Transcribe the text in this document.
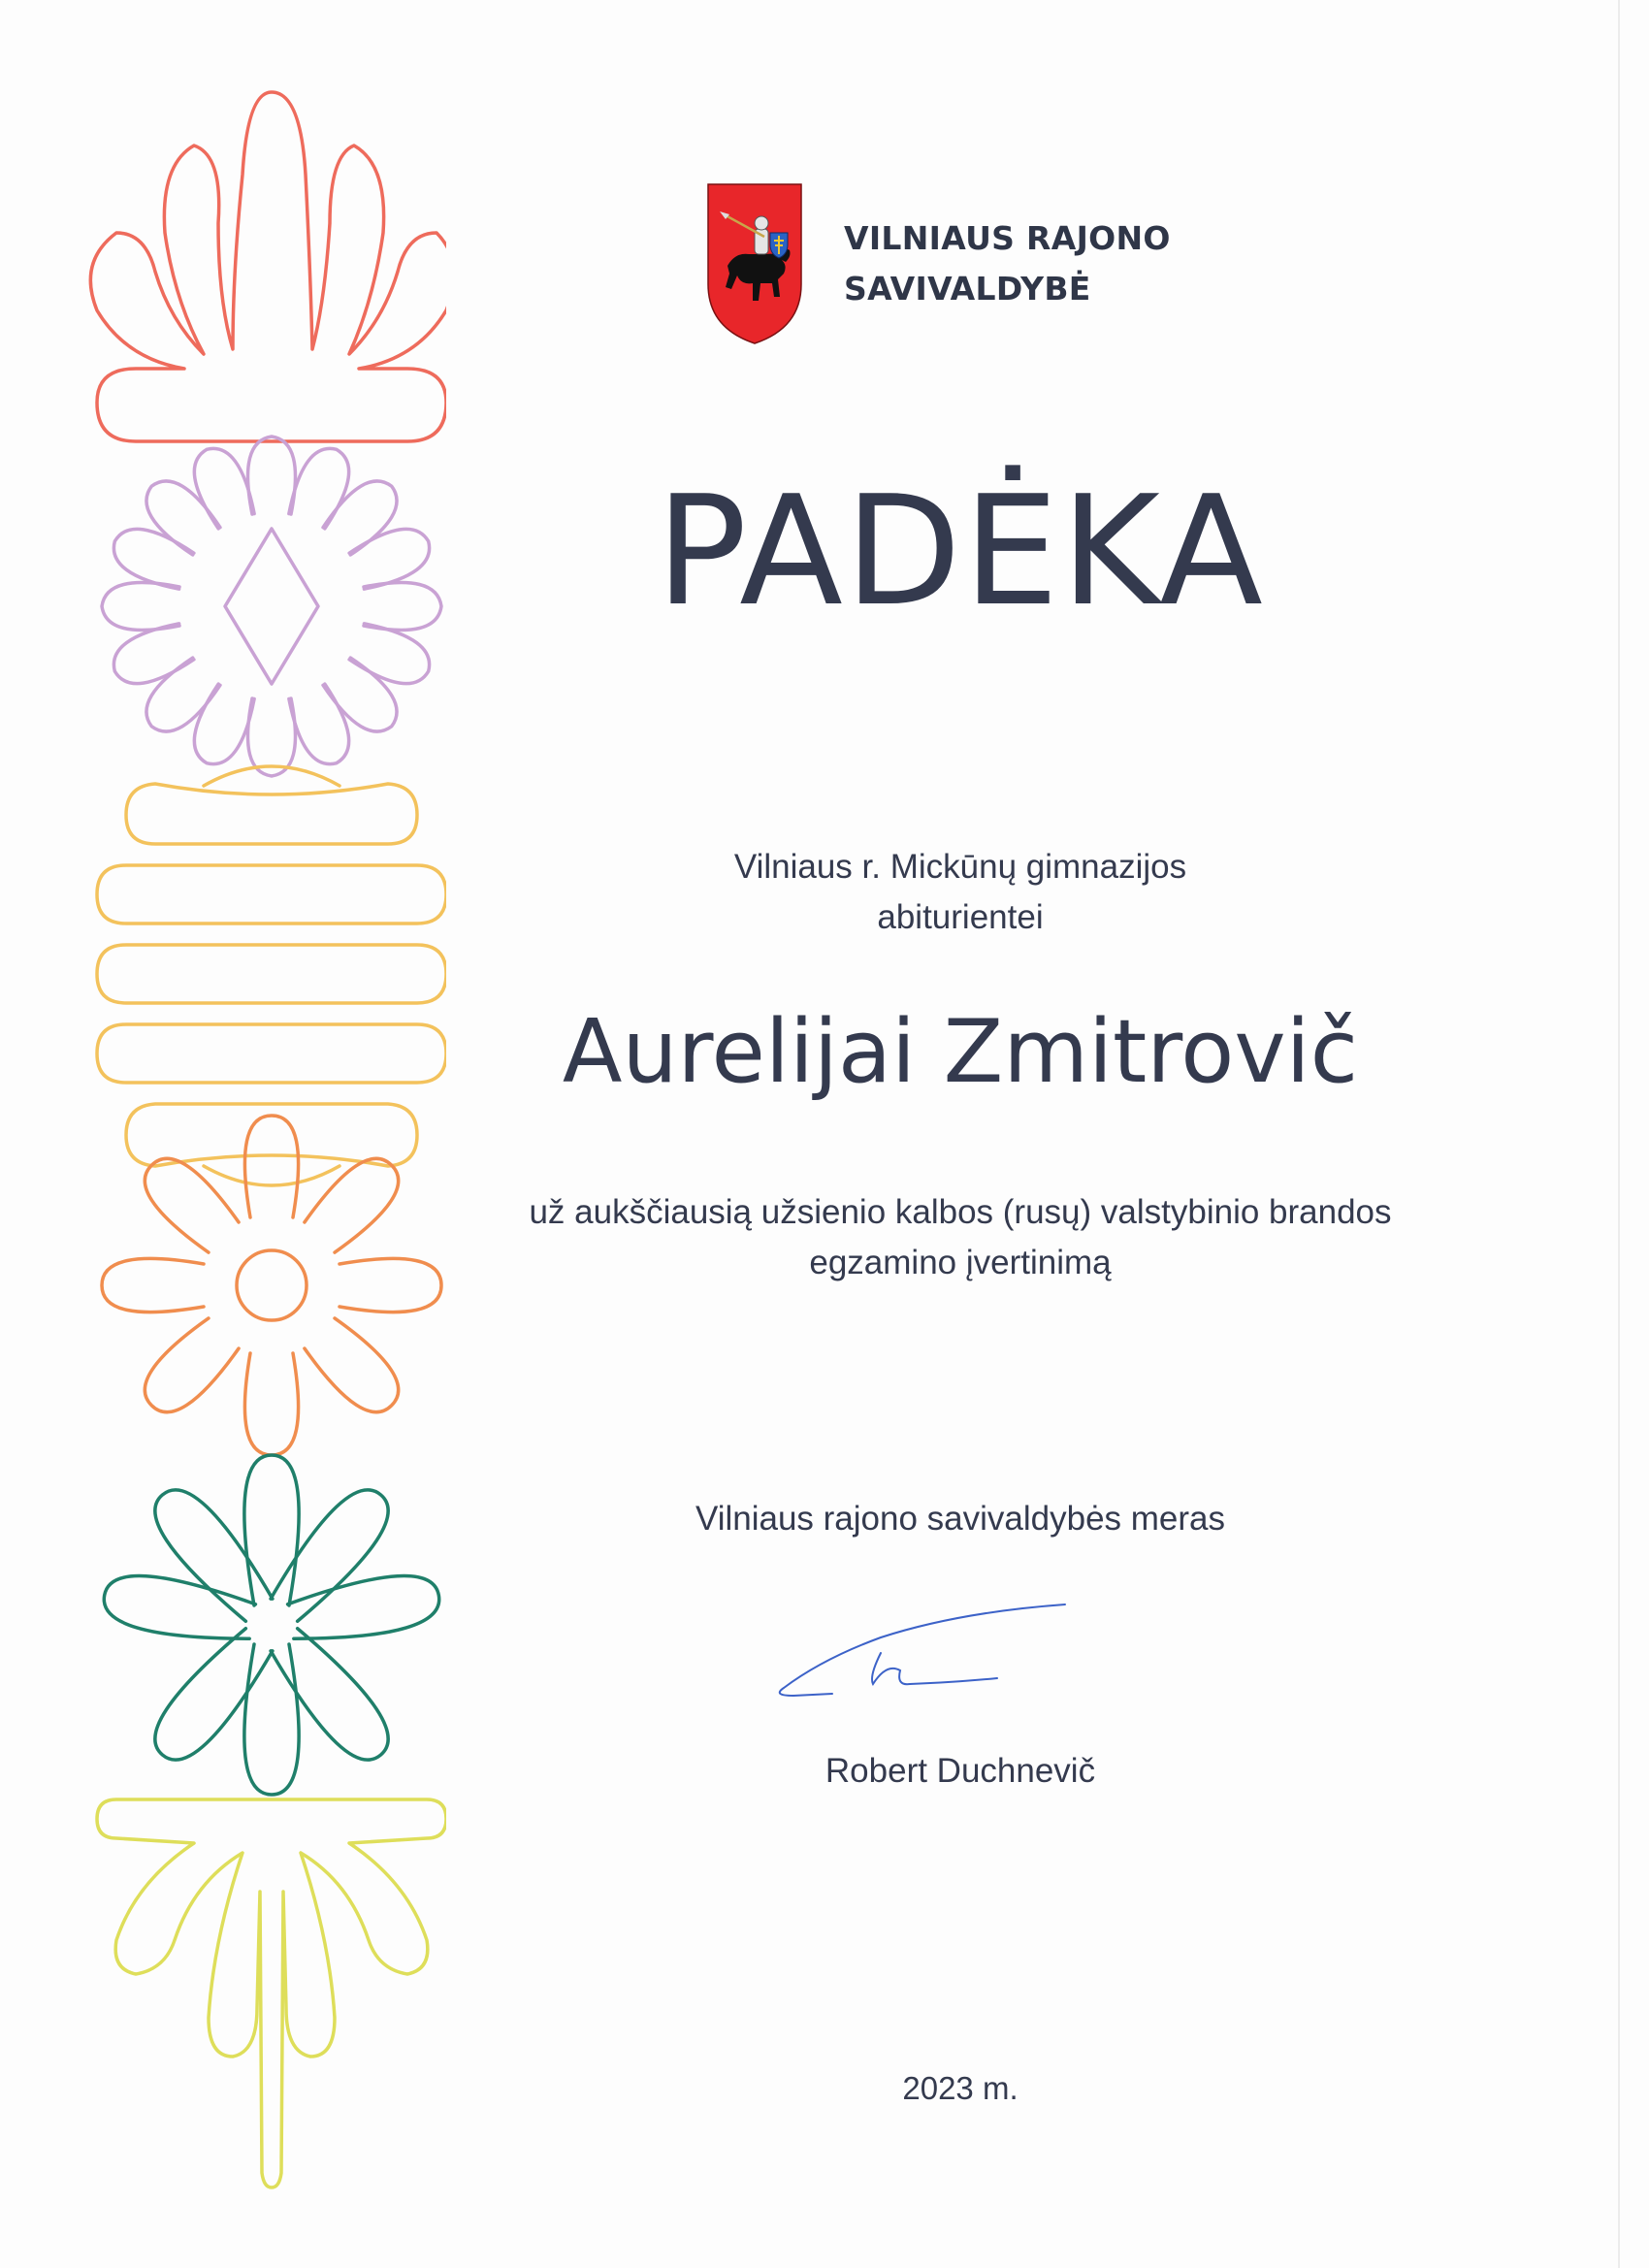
VILNIAUS RAJONO
SAVIVALDYBĖ
PADĖKA
Vilniaus r. Mickūnų gimnazijos
abiturientei
Aurelijai Zmitrovič
už aukščiausią užsienio kalbos (rusų) valstybinio brandos
egzamino įvertinimą
Vilniaus rajono savivaldybės meras
Robert Duchnevič
2023 m.
